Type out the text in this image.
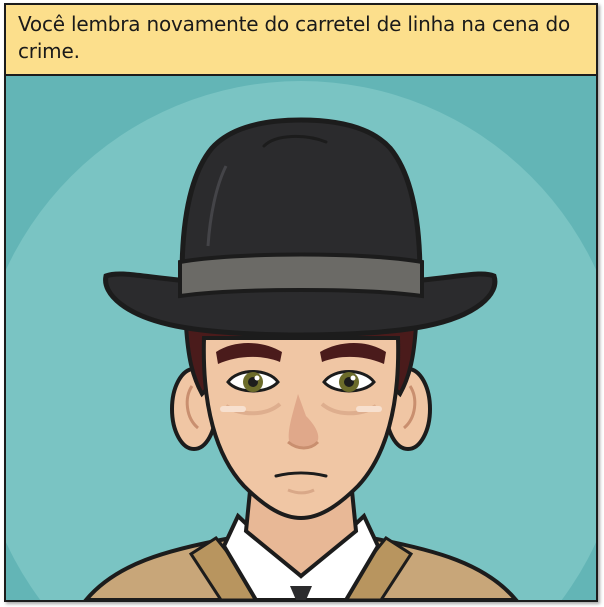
Você lembra novamente do carretel de linha na cena do crime.
